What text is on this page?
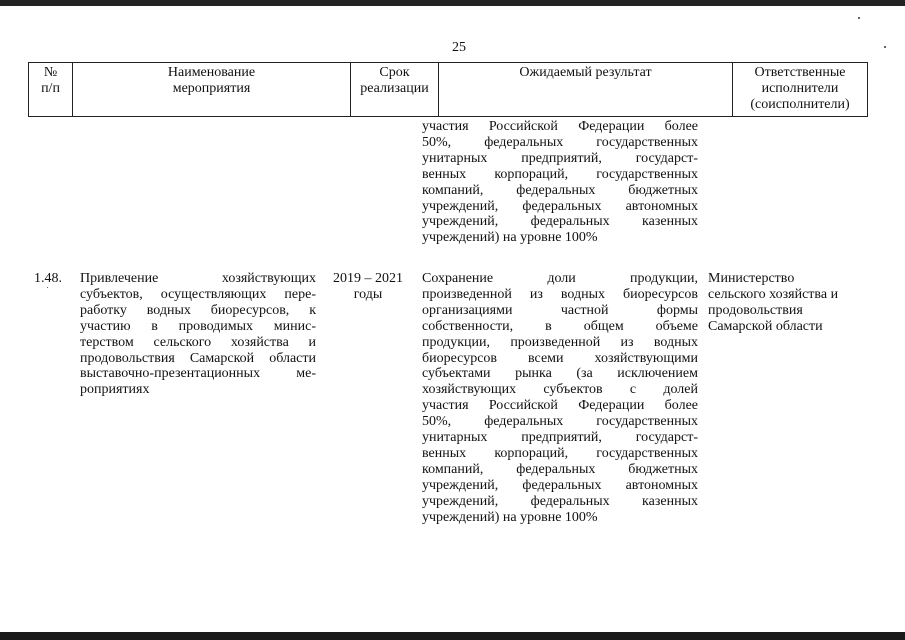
25
№
п/п
Наименование
мероприятия
Срок
реализации
Ожидаемый результат	Ответственные
исполнители
(соисполнители)
участия Российской Федерации более
50%, федеральных государственных
унитарных предприятий, государст-
венных корпораций, государственных
компаний, федеральных бюджетных
учреждений, федеральных автономных
учреждений, федеральных казенных
учреждений) на уровне 100%
1.48.	Привлечение хозяйствующих
субъектов, осуществляющих пере-
работку водных биоресурсов, к
участию в проводимых минис-
терством сельского хозяйства и
продовольствия Самарской области
выставочно-презентационных ме-
роприятиях
2019 – 2021
годы
Сохранение доли продукции,
произведенной из водных биоресурсов
организациями частной формы
собственности, в общем объеме
продукции, произведенной из водных
биоресурсов всеми хозяйствующими
субъектами рынка (за исключением
хозяйствующих субъектов с долей
участия Российской Федерации более
50%, федеральных государственных
унитарных предприятий, государст-
венных корпораций, государственных
компаний, федеральных бюджетных
учреждений, федеральных автономных
учреждений, федеральных казенных
учреждений) на уровне 100%
Министерство
сельского хозяйства и
продовольствия
Самарской области
